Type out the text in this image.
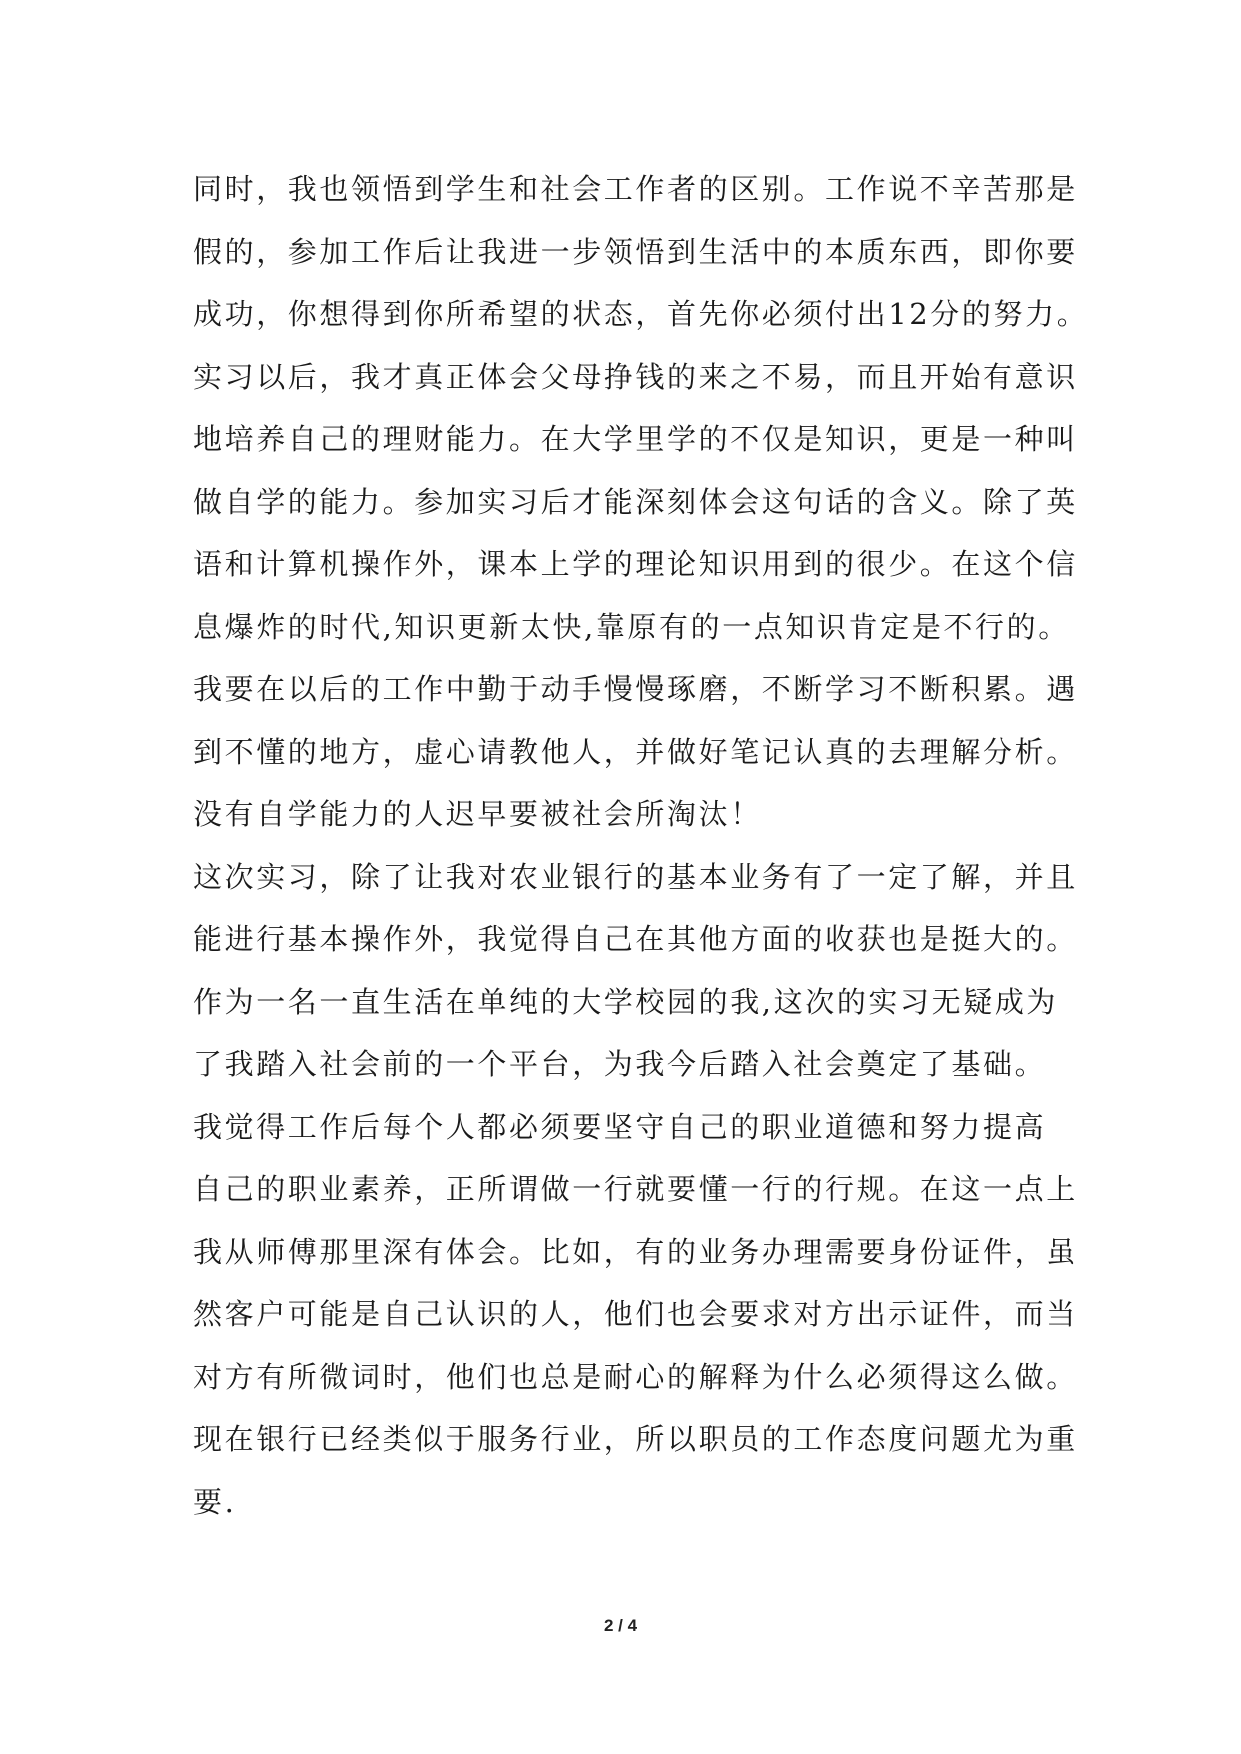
同时，我也领悟到学生和社会工作者的区别。工作说不辛苦那是
假的，参加工作后让我进一步领悟到生活中的本质东西，即你要
成功，你想得到你所希望的状态，首先你必须付出12分的努力。
实习以后，我才真正体会父母挣钱的来之不易，而且开始有意识
地培养自己的理财能力。在大学里学的不仅是知识，更是一种叫
做自学的能力。参加实习后才能深刻体会这句话的含义。除了英
语和计算机操作外，课本上学的理论知识用到的很少。在这个信
息爆炸的时代,知识更新太快,靠原有的一点知识肯定是不行的。
我要在以后的工作中勤于动手慢慢琢磨，不断学习不断积累。遇
到不懂的地方，虚心请教他人，并做好笔记认真的去理解分析。
没有自学能力的人迟早要被社会所淘汰！
这次实习，除了让我对农业银行的基本业务有了一定了解，并且
能进行基本操作外，我觉得自己在其他方面的收获也是挺大的。
作为一名一直生活在单纯的大学校园的我,这次的实习无疑成为
了我踏入社会前的一个平台，为我今后踏入社会奠定了基础。
我觉得工作后每个人都必须要坚守自己的职业道德和努力提高
自己的职业素养，正所谓做一行就要懂一行的行规。在这一点上
我从师傅那里深有体会。比如，有的业务办理需要身份证件，虽
然客户可能是自己认识的人，他们也会要求对方出示证件，而当
对方有所微词时，他们也总是耐心的解释为什么必须得这么做。
现在银行已经类似于服务行业，所以职员的工作态度问题尤为重
要.
2 / 4
